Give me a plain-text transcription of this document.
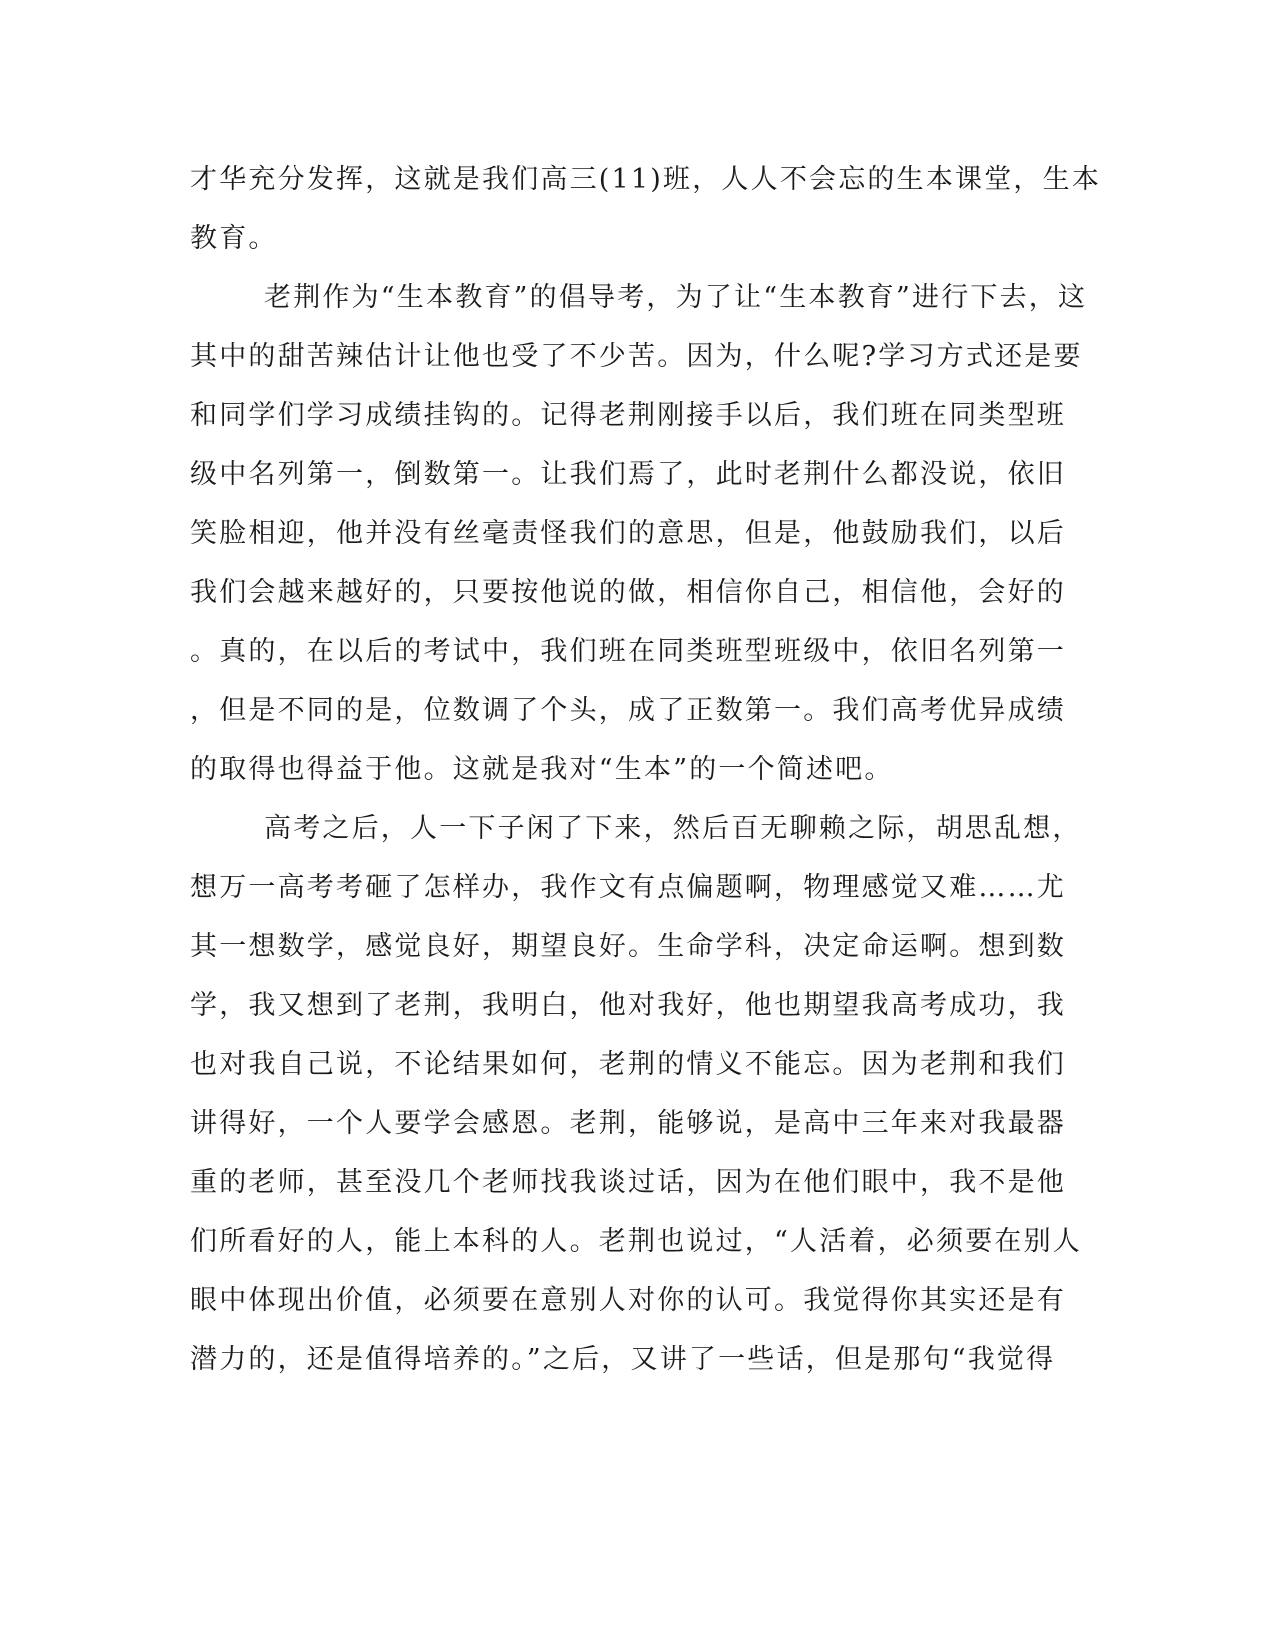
才华充分发挥，这就是我们高三(11)班，人人不会忘的生本课堂，生本
教育。
老荆作为“生本教育”的倡导考，为了让“生本教育”进行下去，这
其中的甜苦辣估计让他也受了不少苦。因为，什么呢?学习方式还是要
和同学们学习成绩挂钩的。记得老荆刚接手以后，我们班在同类型班
级中名列第一，倒数第一。让我们焉了，此时老荆什么都没说，依旧
笑脸相迎，他并没有丝毫责怪我们的意思，但是，他鼓励我们，以后
我们会越来越好的，只要按他说的做，相信你自己，相信他，会好的
。真的，在以后的考试中，我们班在同类班型班级中，依旧名列第一
，但是不同的是，位数调了个头，成了正数第一。我们高考优异成绩
的取得也得益于他。这就是我对“生本”的一个简述吧。
高考之后，人一下子闲了下来，然后百无聊赖之际，胡思乱想，
想万一高考考砸了怎样办，我作文有点偏题啊，物理感觉又难……尤
其一想数学，感觉良好，期望良好。生命学科，决定命运啊。想到数
学，我又想到了老荆，我明白，他对我好，他也期望我高考成功，我
也对我自己说，不论结果如何，老荆的情义不能忘。因为老荆和我们
讲得好，一个人要学会感恩。老荆，能够说，是高中三年来对我最器
重的老师，甚至没几个老师找我谈过话，因为在他们眼中，我不是他
们所看好的人，能上本科的人。老荆也说过，“人活着，必须要在别人
眼中体现出价值，必须要在意别人对你的认可。我觉得你其实还是有
潜力的，还是值得培养的。”之后，又讲了一些话，但是那句“我觉得
